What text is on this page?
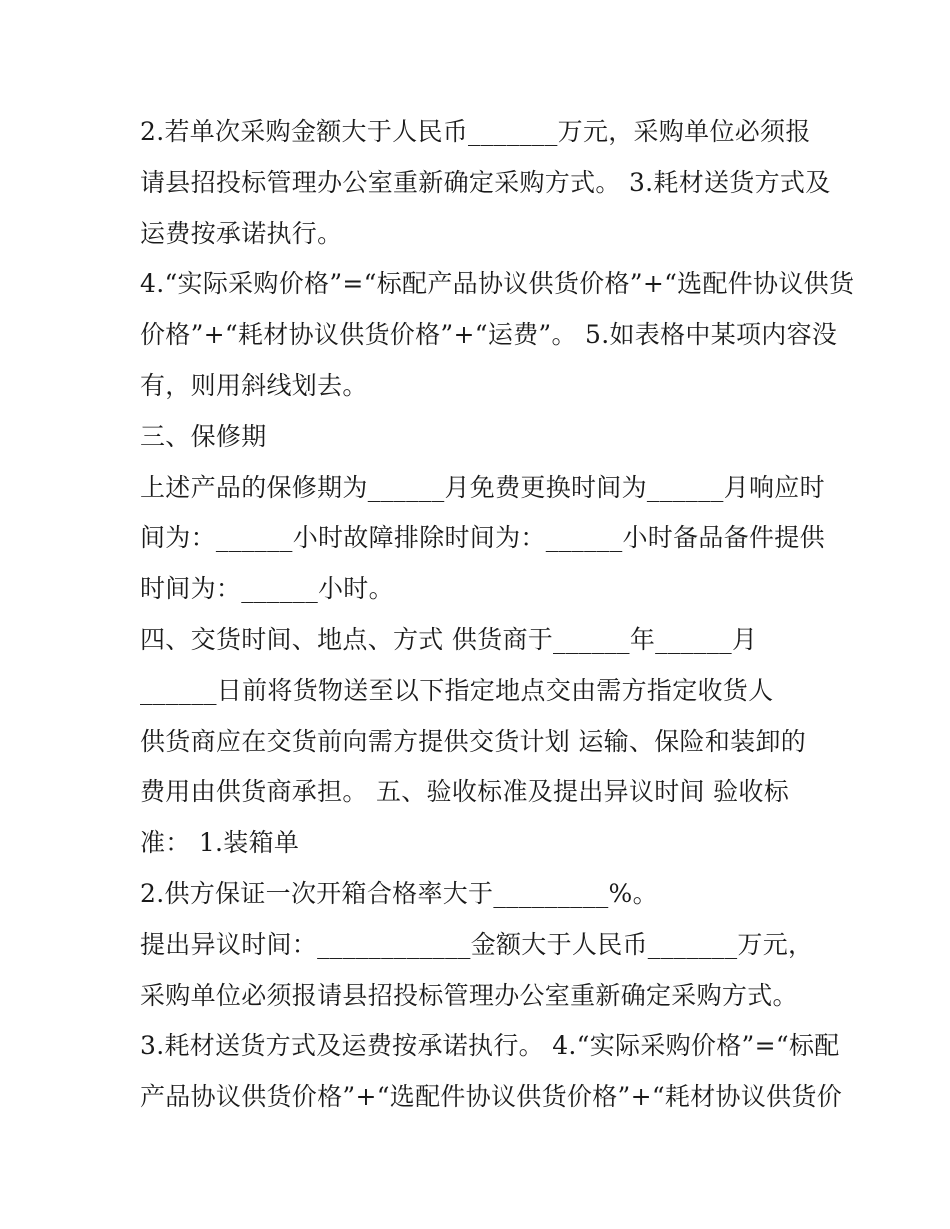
2.若单次采购金额大于人民币_______万元，采购单位必须报
请县招投标管理办公室重新确定采购方式。 3.耗材送货方式及
运费按承诺执行。
4.“实际采购价格”=“标配产品协议供货价格”+“选配件协议供货
价格”+“耗材协议供货价格”+“运费”。 5.如表格中某项内容没
有，则用斜线划去。
三、保修期
上述产品的保修期为______月免费更换时间为______月响应时
间为：______小时故障排除时间为：______小时备品备件提供
时间为：______小时。
四、交货时间、地点、方式 供货商于______年______月
______日前将货物送至以下指定地点交由需方指定收货人
供货商应在交货前向需方提供交货计划 运输、保险和装卸的
费用由供货商承担。 五、验收标准及提出异议时间 验收标
准： 1.装箱单
2.供方保证一次开箱合格率大于_________%。
提出异议时间：____________金额大于人民币_______万元，
采购单位必须报请县招投标管理办公室重新确定采购方式。
3.耗材送货方式及运费按承诺执行。 4.“实际采购价格”=“标配
产品协议供货价格”+“选配件协议供货价格”+“耗材协议供货价
